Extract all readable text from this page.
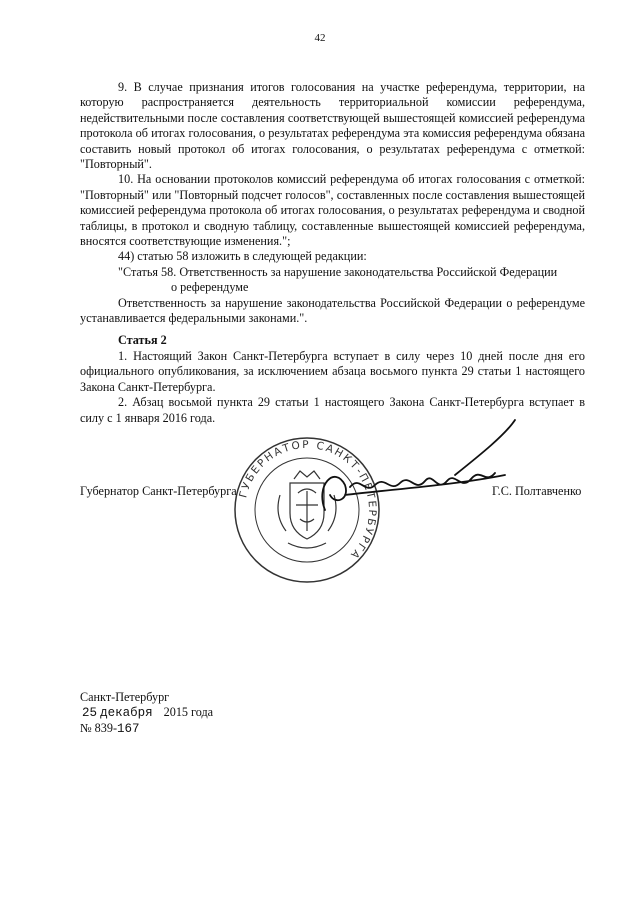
42

9. В случае признания итогов голосования на участке референдума, территории, на которую распространяется деятельность территориальной комиссии референдума, недействительными после составления соответствующей вышестоящей комиссией референдума протокола об итогах голосования, о результатах референдума эта комиссия референдума обязана составить новый протокол об итогах голосования, о результатах референдума с отметкой: "Повторный".

10. На основании протоколов комиссий референдума об итогах голосования с отметкой: "Повторный" или "Повторный подсчет голосов", составленных после составления вышестоящей комиссией референдума протокола об итогах голосования, о результатах референдума и сводной таблицы, в протокол и сводную таблицу, составленные вышестоящей комиссией референдума, вносятся соответствующие изменения.";

44) статью 58 изложить в следующей редакции:

"Статья 58. Ответственность за нарушение законодательства Российской Федерации

о референдуме

Ответственность за нарушение законодательства Российской Федерации о референдуме устанавливается федеральными законами.".

Статья 2

1. Настоящий Закон Санкт-Петербурга вступает в силу через 10 дней после дня его официального опубликования, за исключением абзаца восьмого пункта 29 статьи 1 настоящего Закона Санкт-Петербурга.

2. Абзац восьмой пункта 29 статьи 1 настоящего Закона Санкт-Петербурга вступает в силу с 1 января 2016 года.

ГУБЕРНАТОР САНКТ-ПЕТЕРБУРГА
Губернатор Санкт-Петербурга	Г.С. Полтавченко
Санкт-Петербург
25 декабря 2015 года
№ 839-167
